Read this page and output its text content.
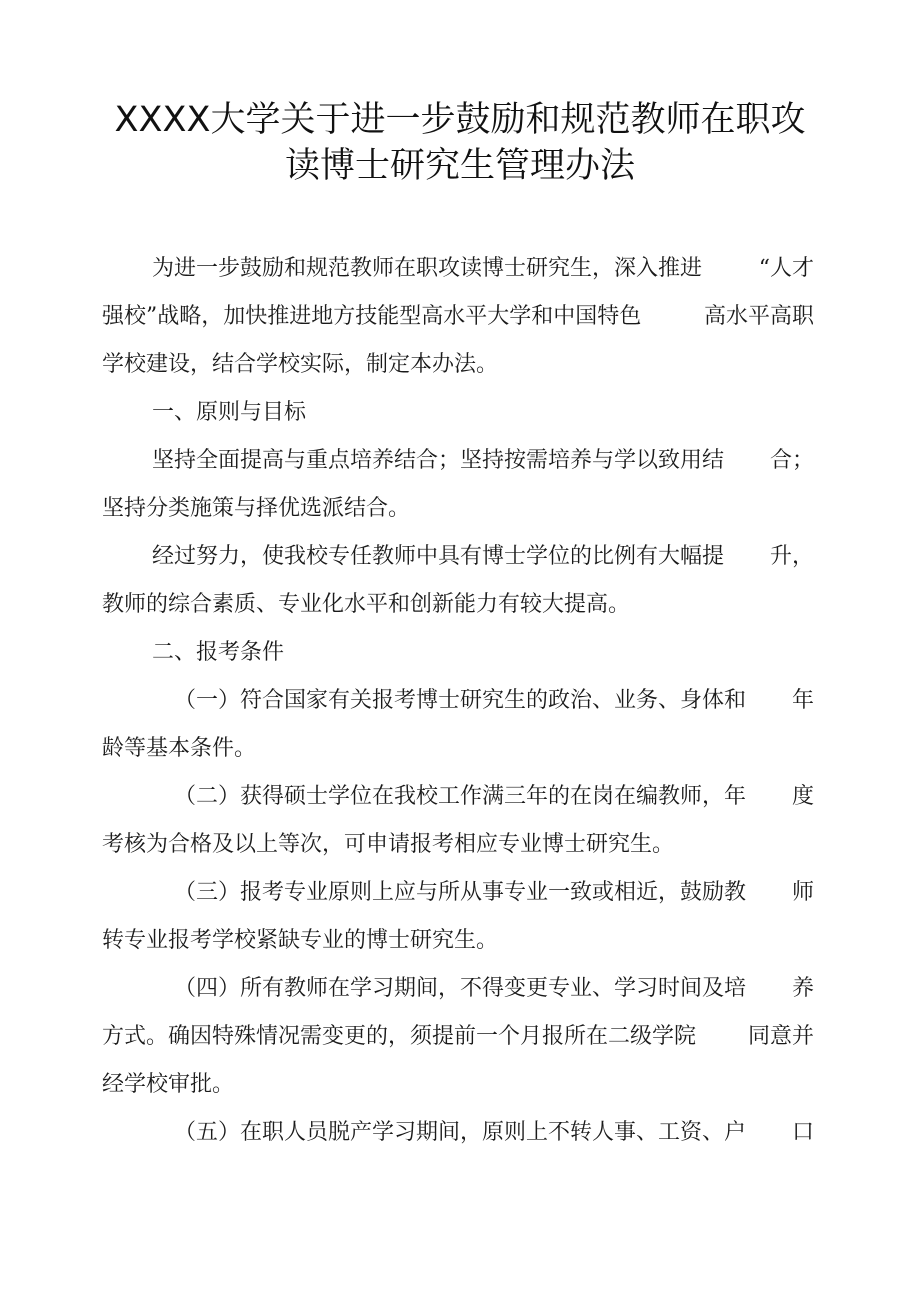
XXXX大学关于进一步鼓励和规范教师在职攻
读博士研究生管理办法
为进一步鼓励和规范教师在职攻读博士研究生，深入推进	“人才
强校”战略，加快推进地方技能型高水平大学和中国特色	高水平高职
学校建设，结合学校实际，制定本办法。
一、原则与目标
坚持全面提高与重点培养结合；坚持按需培养与学以致用结 合；
坚持分类施策与择优选派结合。
经过努力，使我校专任教师中具有博士学位的比例有大幅提 升，
教师的综合素质、专业化水平和创新能力有较大提高。
二、报考条件
（一）符合国家有关报考博士研究生的政治、业务、身体和 年
龄等基本条件。
（二）获得硕士学位在我校工作满三年的在岗在编教师，年 度
考核为合格及以上等次，可申请报考相应专业博士研究生。
（三）报考专业原则上应与所从事专业一致或相近，鼓励教 师
转专业报考学校紧缺专业的博士研究生。
（四）所有教师在学习期间，不得变更专业、学习时间及培 养
方式。确因特殊情况需变更的，须提前一个月报所在二级学院 同意并
经学校审批。
（五）在职人员脱产学习期间，原则上不转人事、工资、户 口
